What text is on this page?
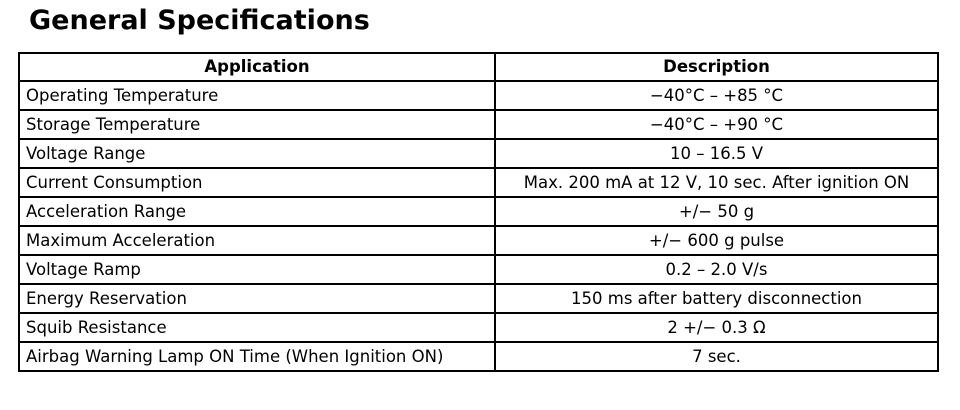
General Specifications
Application	Description
Operating Temperature	−40°C – +85 °C
Storage Temperature	−40°C – +90 °C
Voltage Range	10 – 16.5 V
Current Consumption	Max. 200 mA at 12 V, 10 sec. After ignition ON
Acceleration Range	+/− 50 g
Maximum Acceleration	+/− 600 g pulse
Voltage Ramp	0.2 – 2.0 V/s
Energy Reservation	150 ms after battery disconnection
Squib Resistance	2 +/− 0.3 Ω
Airbag Warning Lamp ON Time (When Ignition ON)	7 sec.
